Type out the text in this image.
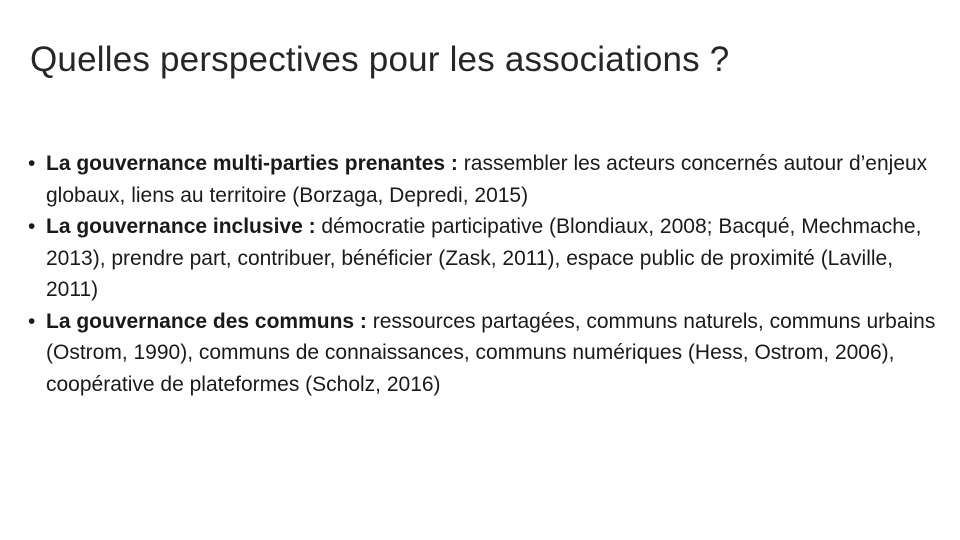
Quelles perspectives pour les associations ?
• La gouvernance multi-parties prenantes : rassembler les acteurs concernés autour d’enjeux globaux, liens au territoire (Borzaga, Depredi, 2015)
• La gouvernance inclusive : démocratie participative (Blondiaux, 2008; Bacqué, Mechmache, 2013), prendre part, contribuer, bénéficier (Zask, 2011), espace public de proximité (Laville, 2011)
• La gouvernance des communs : ressources partagées, communs naturels, communs urbains (Ostrom, 1990), communs de connaissances, communs numériques (Hess, Ostrom, 2006), coopérative de plateformes (Scholz, 2016)
